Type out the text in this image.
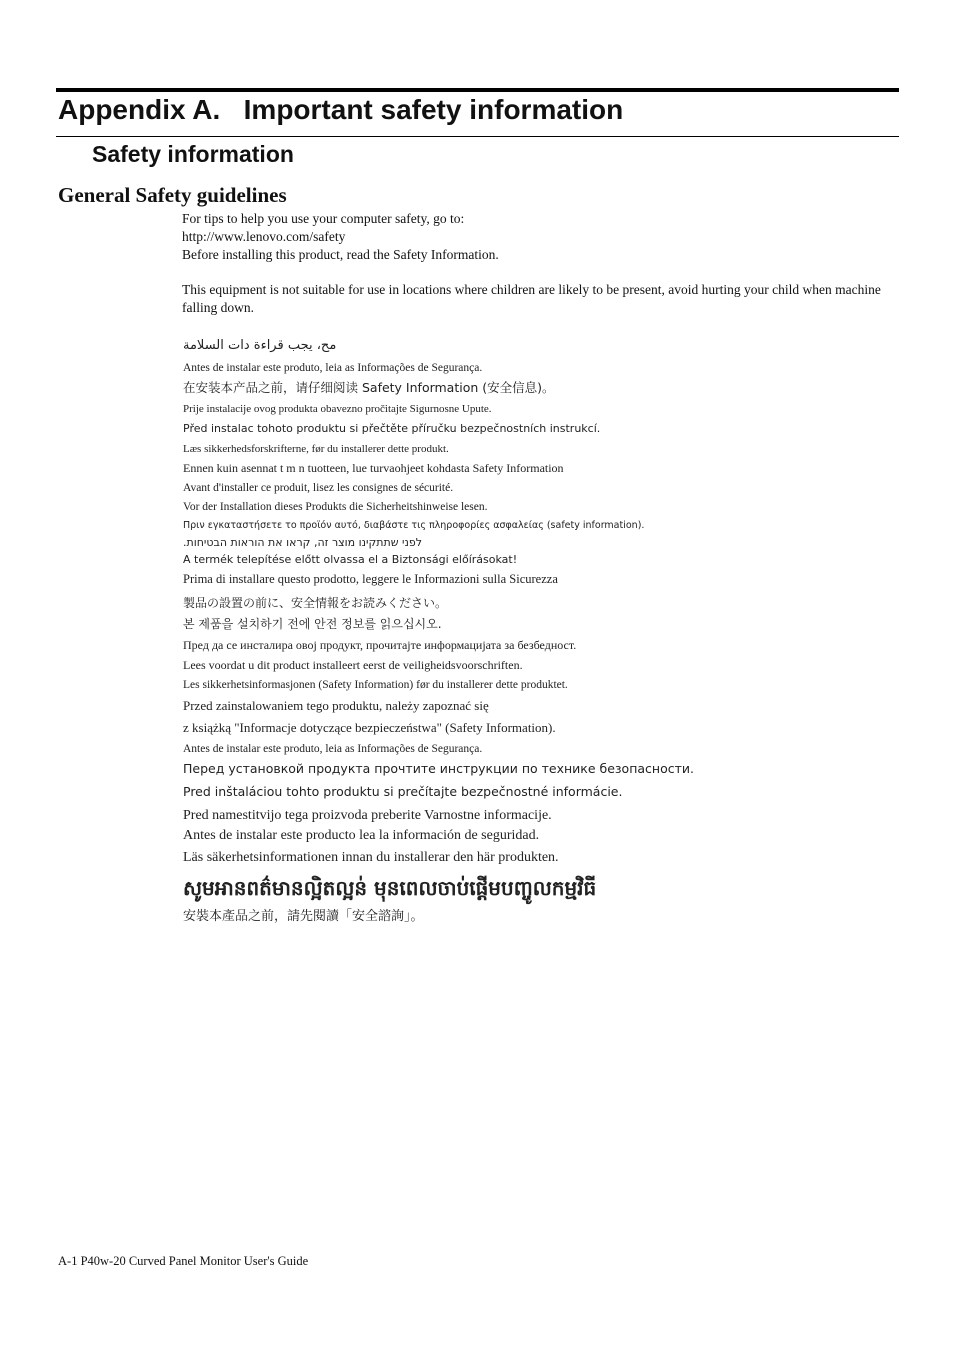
Appendix A.   Important safety information
Safety information
General Safety guidelines
For tips to help you use your computer safety, go to:
http://www.lenovo.com/safety
Before installing this product, read the Safety Information.
This equipment is not suitable for use in locations where children are likely to be present, avoid hurting your child when machine falling down.
مح، يجب قراءة دات السلامة
Antes de instalar este produto, leia as Informações de Segurança.
在安装本产品之前，请仔细阅读 Safety Information (安全信息)。
Prije instalacije ovog produkta obavezno pročitajte Sigurnosne Upute.
Před instalac tohoto produktu si přečtěte příručku bezpečnostních instrukcí.
Læs sikkerhedsforskrifterne, før du installerer dette produkt.
Ennen kuin asennat t m n tuotteen, lue turvaohjeet kohdasta Safety Information
Avant d'installer ce produit, lisez les consignes de sécurité.
Vor der Installation dieses Produkts die Sicherheitshinweise lesen.
Πριν εγκαταστήσετε το προϊόν αυτό, διαβάστε τις πληροφορίες ασφαλείας (safety information).
לפני שתתקינו מוצר זה, קראו את הוראות הבטיחות.
A termék telepítése előtt olvassa el a Biztonsági előírásokat!
Prima di installare questo prodotto, leggere le Informazioni sulla Sicurezza
製品の設置の前に、安全情報をお読みください。
본 제품을 설치하기 전에 안전 정보를 읽으십시오.
Пред да се инсталира овој продукт, прочитајте информацијата за безбедност.
Lees voordat u dit product installeert eerst de veiligheidsvoorschriften.
Les sikkerhetsinformasjonen (Safety Information) før du installerer dette produktet.
Przed zainstalowaniem tego produktu, należy zapoznać się
z książką "Informacje dotyczące bezpieczeństwa" (Safety Information).
Antes de instalar este produto, leia as Informações de Segurança.
Перед установкой продукта прочтите инструкции по технике безопасности.
Pred inštaláciou tohto produktu si prečítajte bezpečnostné informácie.
Pred namestitvijo tega proizvoda preberite Varnostne informacije.
Antes de instalar este producto lea la información de seguridad.
Läs säkerhetsinformationen innan du installerar den här produkten.
សូមអានពត៌មានល្អិតល្អន់ មុនពេលចាប់ផ្តើមបញ្ចូលកម្មវិធី
安裝本產品之前，請先閱讀「安全諮詢」。
A-1 P40w-20 Curved Panel Monitor User's Guide
